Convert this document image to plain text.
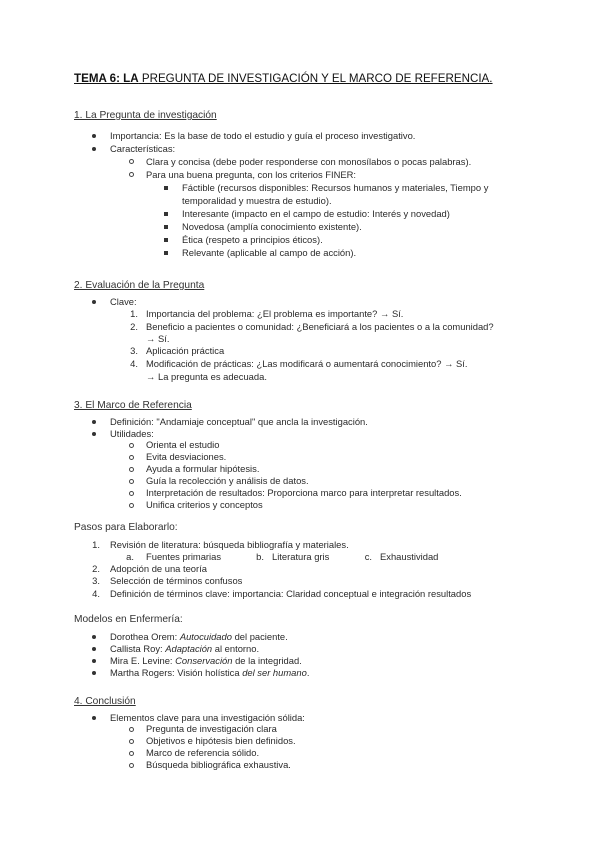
TEMA 6: LA PREGUNTA DE INVESTIGACIÓN Y EL MARCO DE REFERENCIA.
1. La Pregunta de investigación
Importancia: Es la base de todo el estudio y guía el proceso investigativo.
Características:
Clara y concisa (debe poder responderse con monosílabos o pocas palabras).
Para una buena pregunta, con los criterios FINER:
Fáctible (recursos disponibles: Recursos humanos y materiales, Tiempo y
temporalidad y muestra de estudio).
Interesante (impacto en el campo de estudio: Interés y novedad)
Novedosa (amplía conocimiento existente).
Ética (respeto a principios éticos).
Relevante (aplicable al campo de acción).
2. Evaluación de la Pregunta
Clave:
1. Importancia del problema: ¿El problema es importante? → Sí.
2. Beneficio a pacientes o comunidad: ¿Beneficiará a los pacientes o a la comunidad?
→ Sí.
3. Aplicación práctica
4. Modificación de prácticas: ¿Las modificará o aumentará conocimiento? → Sí.
→ La pregunta es adecuada.
3. El Marco de Referencia
Definición: "Andamiaje conceptual" que ancla la investigación.
Utilidades:
Orienta el estudio
Evita desviaciones.
Ayuda a formular hipótesis.
Guía la recolección y análisis de datos.
Interpretación de resultados: Proporciona marco para interpretar resultados.
Unifica criterios y conceptos
Pasos para Elaborarlo:
1. Revisión de literatura: búsqueda bibliografía y materiales.
a. Fuentes primarias	b. Literatura gris	c. Exhaustividad
2. Adopción de una teoría
3. Selección de términos confusos
4. Definición de términos clave: importancia: Claridad conceptual e integración resultados
Modelos en Enfermería:
Dorothea Orem: Autocuidado del paciente.
Callista Roy: Adaptación al entorno.
Mira E. Levine: Conservación de la integridad.
Martha Rogers: Visión holística del ser humano.
4. Conclusión
Elementos clave para una investigación sólida:
Pregunta de investigación clara
Objetivos e hipótesis bien definidos.
Marco de referencia sólido.
Búsqueda bibliográfica exhaustiva.
